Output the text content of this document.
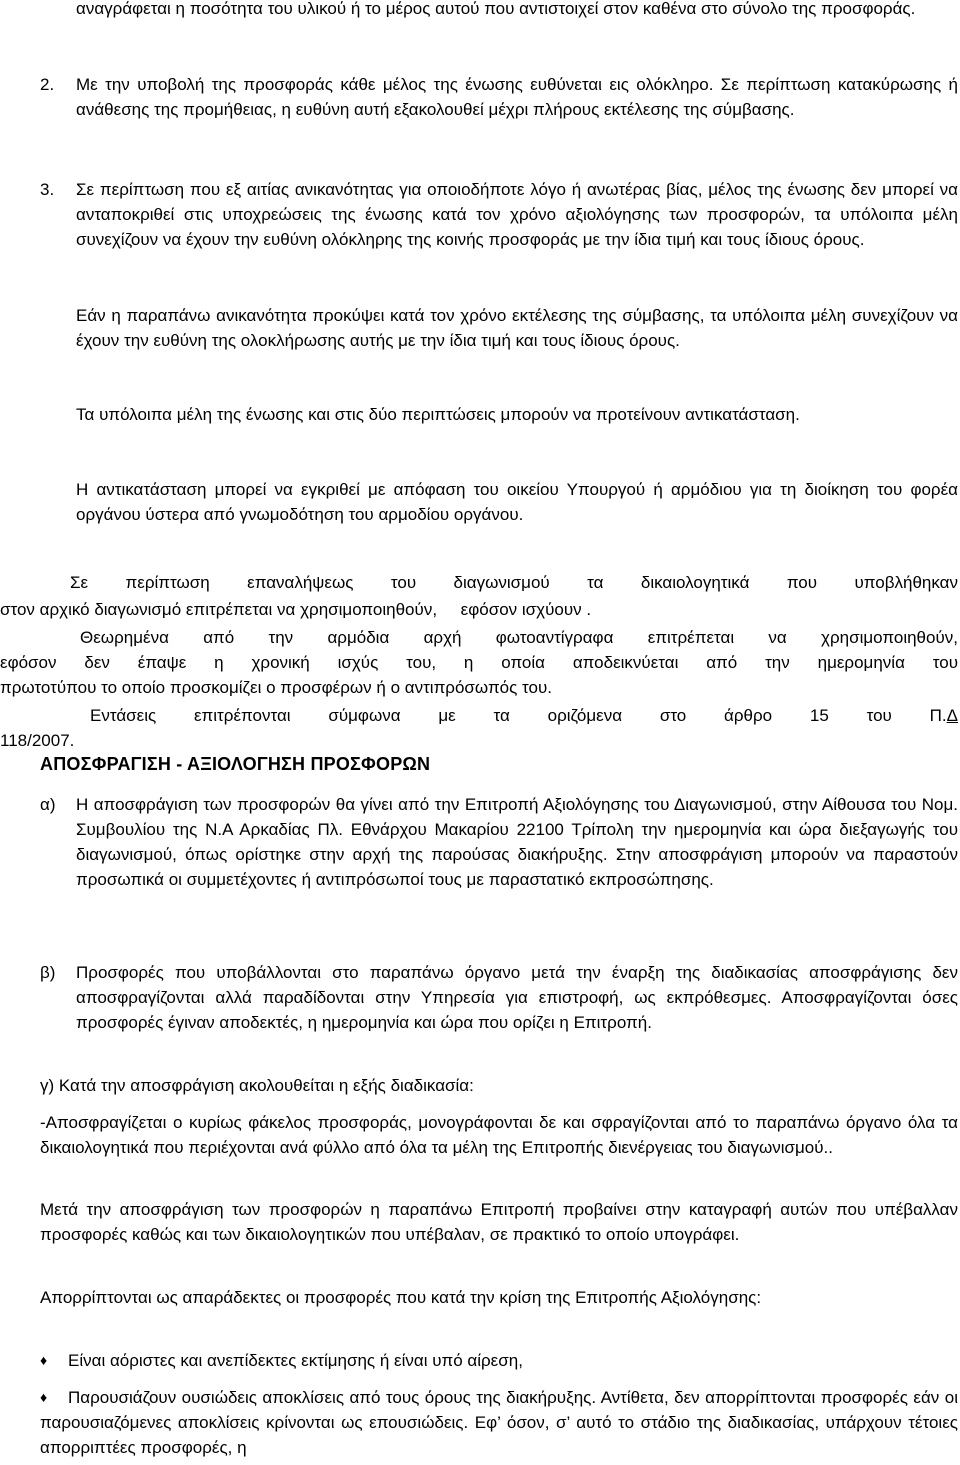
αναγράφεται η ποσότητα του υλικού ή το μέρος αυτού που αντιστοιχεί στον καθένα στο σύνολο της προσφοράς.

2. Με την υποβολή της προσφοράς κάθε μέλος της ένωσης ευθύνεται εις ολόκληρο. Σε περίπτωση κατακύρωσης ή ανάθεσης της προμήθειας, η ευθύνη αυτή εξακολουθεί μέχρι πλήρους εκτέλεσης της σύμβασης.

3. Σε περίπτωση που εξ αιτίας ανικανότητας για οποιοδήποτε λόγο ή ανωτέρας βίας, μέλος της ένωσης δεν μπορεί να ανταποκριθεί στις υποχρεώσεις της ένωσης κατά τον χρόνο αξιολόγησης των προσφορών, τα υπόλοιπα μέλη συνεχίζουν να έχουν την ευθύνη ολόκληρης της κοινής προσφοράς με την ίδια τιμή και τους ίδιους όρους.

Εάν η παραπάνω ανικανότητα προκύψει κατά τον χρόνο εκτέλεσης της σύμβασης, τα υπόλοιπα μέλη συνεχίζουν να έχουν την ευθύνη της ολοκλήρωσης αυτής με την ίδια τιμή και τους ίδιους όρους.

Τα υπόλοιπα μέλη της ένωσης και στις δύο περιπτώσεις μπορούν να προτείνουν αντικατάσταση.

Η αντικατάσταση μπορεί να εγκριθεί με απόφαση του οικείου Υπουργού ή αρμόδιου για τη διοίκηση του φορέα οργάνου ύστερα από γνωμοδότηση του αρμοδίου οργάνου.

Σε περίπτωση επαναλήψεως του διαγωνισμού τα δικαιολογητικά που υποβλήθηκαν
στον αρχικό διαγωνισμό επιτρέπεται να χρησιμοποιηθούν,     εφόσον ισχύουν .
Θεωρημένα από την αρμόδια αρχή φωτοαντίγραφα επιτρέπεται να χρησιμοποιηθούν,
εφόσον δεν έπαψε η χρονική ισχύς του, η οποία αποδεικνύεται από την ημερομηνία του
πρωτοτύπου το οποίο προσκομίζει ο προσφέρων ή ο αντιπρόσωπός του.
Εντάσεις επιτρέπονται σύμφωνα με τα οριζόμενα στο άρθρο 15 του Π.Δ
118/2007.
ΑΠΟΣΦΡΑΓΙΣΗ - ΑΞΙΟΛΟΓΗΣΗ ΠΡΟΣΦΟΡΩΝ
α) Η αποσφράγιση των προσφορών θα γίνει από την Επιτροπή Αξιολόγησης του Διαγωνισμού, στην Αίθουσα του Νομ. Συμβουλίου της Ν.Α Αρκαδίας Πλ. Εθνάρχου Μακαρίου 22100 Τρίπολη την ημερομηνία και ώρα διεξαγωγής του διαγωνισμού, όπως ορίστηκε στην αρχή της παρούσας διακήρυξης. Στην αποσφράγιση μπορούν να παραστούν προσωπικά οι συμμετέχοντες ή αντιπρόσωποί τους με παραστατικό εκπροσώπησης.

β) Προσφορές που υποβάλλονται στο παραπάνω όργανο μετά την έναρξη της διαδικασίας αποσφράγισης δεν αποσφραγίζονται αλλά παραδίδονται στην Υπηρεσία για επιστροφή, ως εκπρόθεσμες. Αποσφραγίζονται όσες προσφορές έγιναν αποδεκτές, η ημερομηνία και ώρα που ορίζει η Επιτροπή.

γ) Κατά την αποσφράγιση ακολουθείται η εξής διαδικασία:

-Αποσφραγίζεται ο κυρίως φάκελος προσφοράς, μονογράφονται δε και σφραγίζονται από το παραπάνω όργανο όλα τα δικαιολογητικά που περιέχονται ανά φύλλο από όλα τα μέλη της Επιτροπής διενέργειας του διαγωνισμού..

Μετά την αποσφράγιση των προσφορών η παραπάνω Επιτροπή προβαίνει στην καταγραφή αυτών που υπέβαλλαν προσφορές καθώς και των δικαιολογητικών που υπέβαλαν, σε πρακτικό το οποίο υπογράφει.

Απορρίπτονται ως απαράδεκτες οι προσφορές που κατά την κρίση της Επιτροπής Αξιολόγησης:

♦ Είναι αόριστες και ανεπίδεκτες εκτίμησης ή είναι υπό αίρεση,

♦	Παρουσιάζουν ουσιώδεις αποκλίσεις από τους όρους της διακήρυξης. Αντίθετα, δεν απορρίπτονται προσφορές εάν οι παρουσιαζόμενες αποκλίσεις κρίνονται ως επουσιώδεις. Εφ’ όσον, σ’ αυτό το στάδιο της διαδικασίας, υπάρχουν τέτοιες απορριπτέες προσφορές, η
